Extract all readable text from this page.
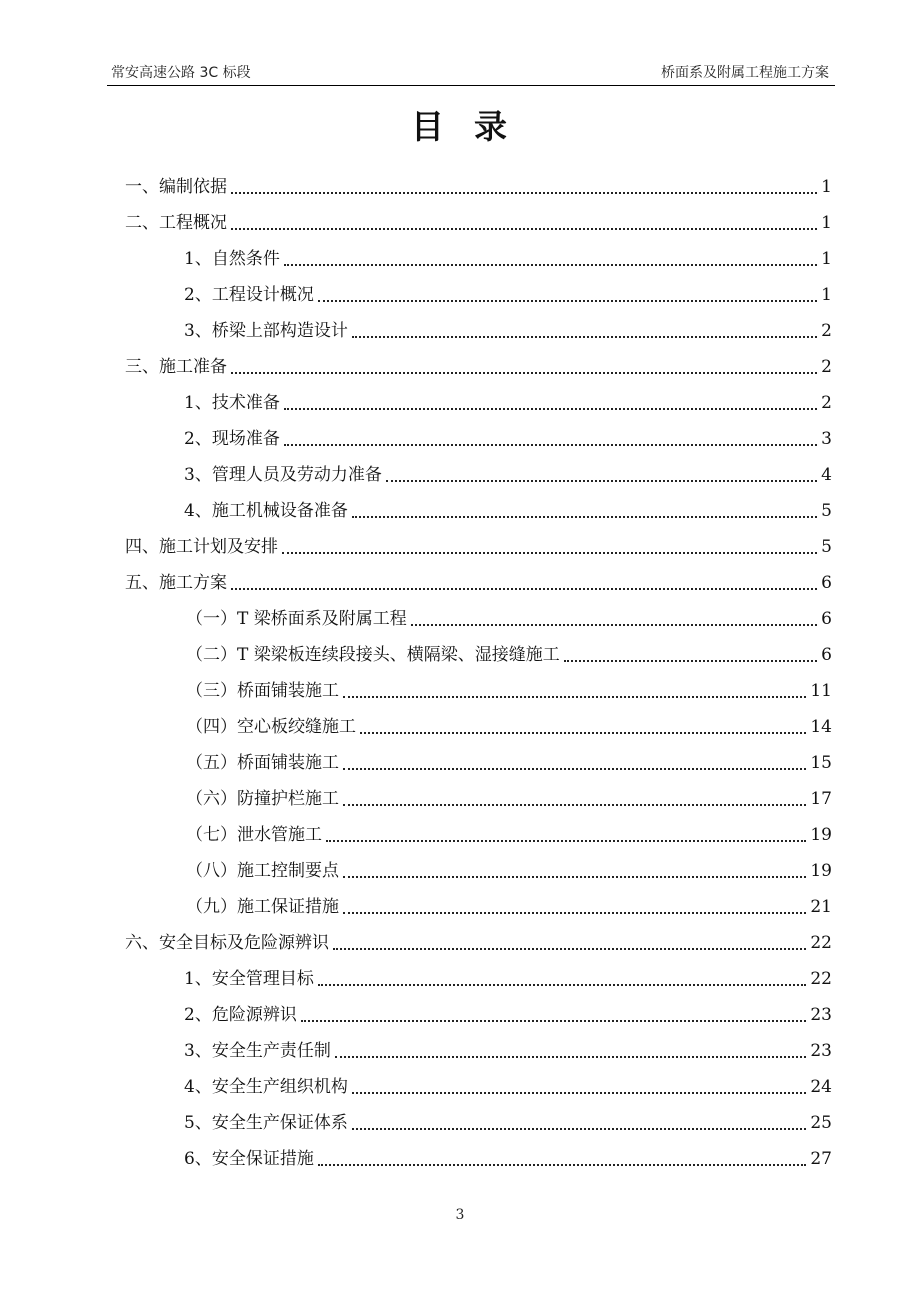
常安高速公路 3C 标段	桥面系及附属工程施工方案
目录
一、编制依据	1
二、工程概况	1
1、自然条件	1
2、工程设计概况	1
3、桥梁上部构造设计	2
三、施工准备	2
1、技术准备	2
2、现场准备	3
3、管理人员及劳动力准备	4
4、施工机械设备准备	5
四、施工计划及安排	5
五、施工方案	6
（一）T 梁桥面系及附属工程	6
（二）T 梁梁板连续段接头、横隔梁、湿接缝施工	6
（三）桥面铺装施工	11
（四）空心板绞缝施工	14
（五）桥面铺装施工	15
（六）防撞护栏施工	17
（七）泄水管施工	19
（八）施工控制要点	19
（九）施工保证措施	21
六、安全目标及危险源辨识	22
1、安全管理目标	22
2、危险源辨识	23
3、安全生产责任制	23
4、安全生产组织机构	24
5、安全生产保证体系	25
6、安全保证措施	27
3
